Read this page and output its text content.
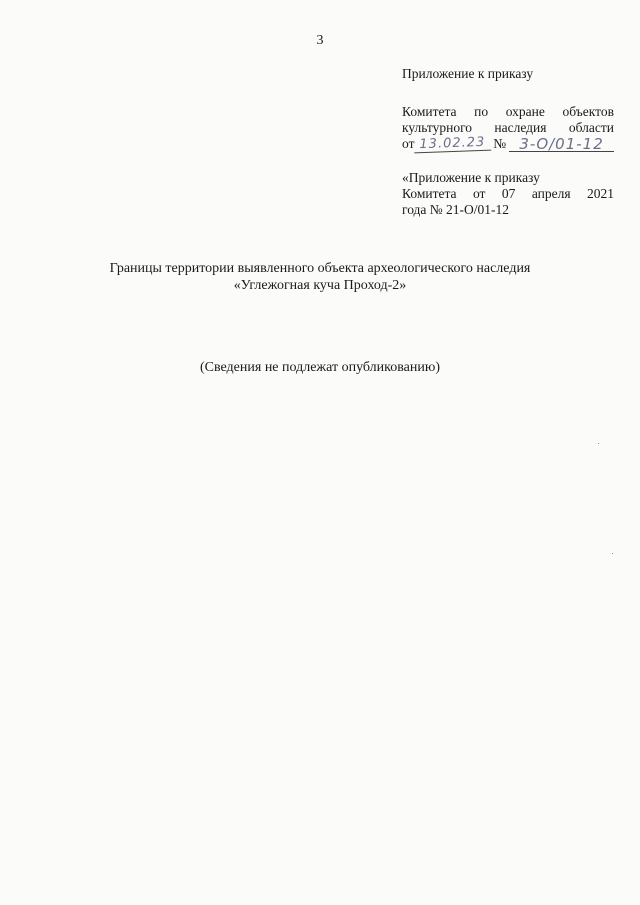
3

Приложение к приказу

Комитета по охране объектов

культурного наследия области

от 13.02.23 № 3-О/01-12

«Приложение к приказу

Комитета от 07 апреля 2021

года № 21-О/01-12

Границы территории выявленного объекта археологического наследия
«Углежогная куча Проход-2»
(Сведения не подлежат опубликованию)
